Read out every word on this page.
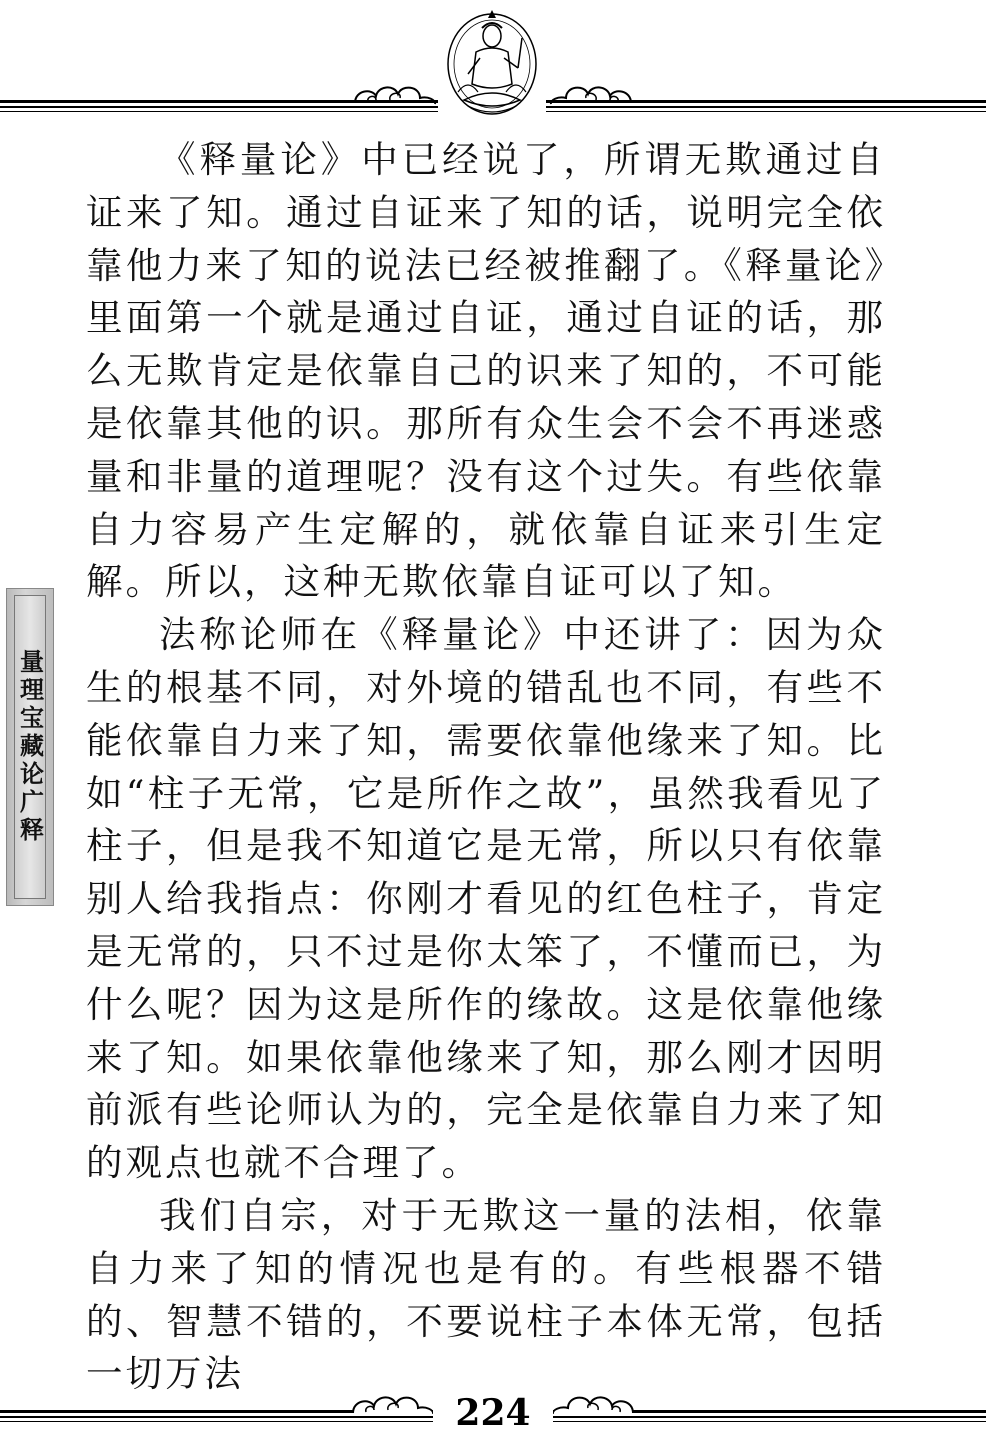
量理宝藏论广释

《释量论》中已经说了，所谓无欺通过自证来了知。通过自证来了知的话，说明完全依靠他力来了知的说法已经被推翻了。《释量论》里面第一个就是通过自证，通过自证的话，那么无欺肯定是依靠自己的识来了知的，不可能是依靠其他的识。那所有众生会不会不再迷惑量和非量的道理呢？没有这个过失。有些依靠自力容易产生定解的，就依靠自证来引生定解。所以，这种无欺依靠自证可以了知。

法称论师在《释量论》中还讲了：因为众生的根基不同，对外境的错乱也不同，有些不能依靠自力来了知，需要依靠他缘来了知。比如“柱子无常，它是所作之故”，虽然我看见了柱子，但是我不知道它是无常，所以只有依靠别人给我指点：你刚才看见的红色柱子，肯定是无常的，只不过是你太笨了，不懂而已，为什么呢？因为这是所作的缘故。这是依靠他缘来了知。如果依靠他缘来了知，那么刚才因明前派有些论师认为的，完全是依靠自力来了知的观点也就不合理了。

我们自宗，对于无欺这一量的法相，依靠自力来了知的情况也是有的。有些根器不错的、智慧不错的，不要说柱子本体无常，包括一切万法

224
